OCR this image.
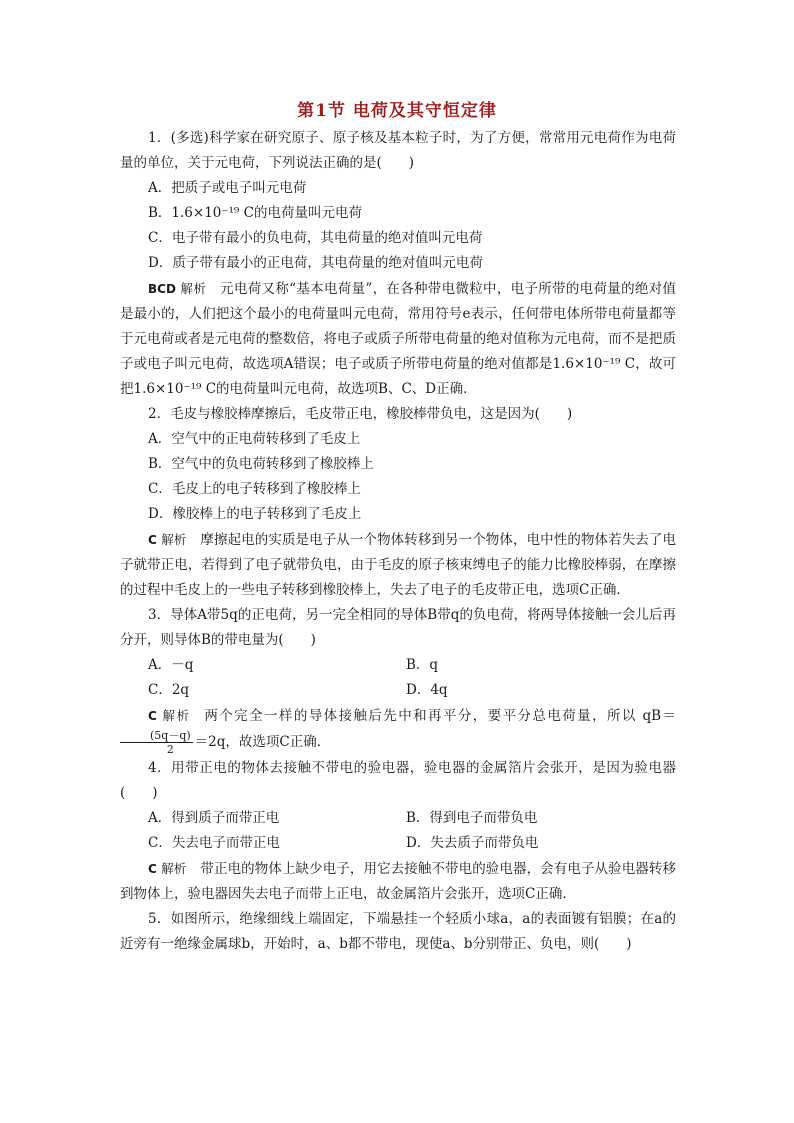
第1节 电荷及其守恒定律

1．(多选)科学家在研究原子、原子核及基本粒子时，为了方便，常常用元电荷作为电荷量的单位，关于元电荷，下列说法正确的是(　　)

A．把质子或电子叫元电荷

B．1.6×10⁻¹⁹ C的电荷量叫元电荷

C．电子带有最小的负电荷，其电荷量的绝对值叫元电荷

D．质子带有最小的正电荷，其电荷量的绝对值叫元电荷

BCD 解析 元电荷又称“基本电荷量”，在各种带电微粒中，电子所带的电荷量的绝对值是最小的，人们把这个最小的电荷量叫元电荷，常用符号e表示，任何带电体所带电荷量都等于元电荷或者是元电荷的整数倍，将电子或质子所带电荷量的绝对值称为元电荷，而不是把质子或电子叫元电荷，故选项A错误；电子或质子所带电荷量的绝对值都是1.6×10⁻¹⁹ C，故可把1.6×10⁻¹⁹ C的电荷量叫元电荷，故选项B、C、D正确．

2．毛皮与橡胶棒摩擦后，毛皮带正电，橡胶棒带负电，这是因为(　　)

A．空气中的正电荷转移到了毛皮上

B．空气中的负电荷转移到了橡胶棒上

C．毛皮上的电子转移到了橡胶棒上

D．橡胶棒上的电子转移到了毛皮上

C 解析 摩擦起电的实质是电子从一个物体转移到另一个物体，电中性的物体若失去了电子就带正电，若得到了电子就带负电，由于毛皮的原子核束缚电子的能力比橡胶棒弱，在摩擦的过程中毛皮上的一些电子转移到橡胶棒上，失去了电子的毛皮带正电，选项C正确．

3．导体A带5q的正电荷，另一完全相同的导体B带q的负电荷，将两导体接触一会儿后再分开，则导体B的带电量为(　　)

A．－q	B．q
C．2q	D．4q

C 解析 两个完全一样的导体接触后先中和再平分，要平分总电荷量，所以 qB＝
$\frac{(5q-q)}{2} =2q$，故选项C正确．

4．用带正电的物体去接触不带电的验电器，验电器的金属箔片会张开，是因为验电器(　　)

A．得到质子而带正电	B．得到电子而带负电
C．失去电子而带正电	D．失去质子而带负电

C 解析 带正电的物体上缺少电子，用它去接触不带电的验电器，会有电子从验电器转移到物体上，验电器因失去电子而带上正电，故金属箔片会张开，选项C正确．

5．如图所示，绝缘细线上端固定，下端悬挂一个轻质小球a，a的表面镀有铝膜；在a的近旁有一绝缘金属球b，开始时，a、b都不带电，现使a、b分别带正、负电，则(　　)
